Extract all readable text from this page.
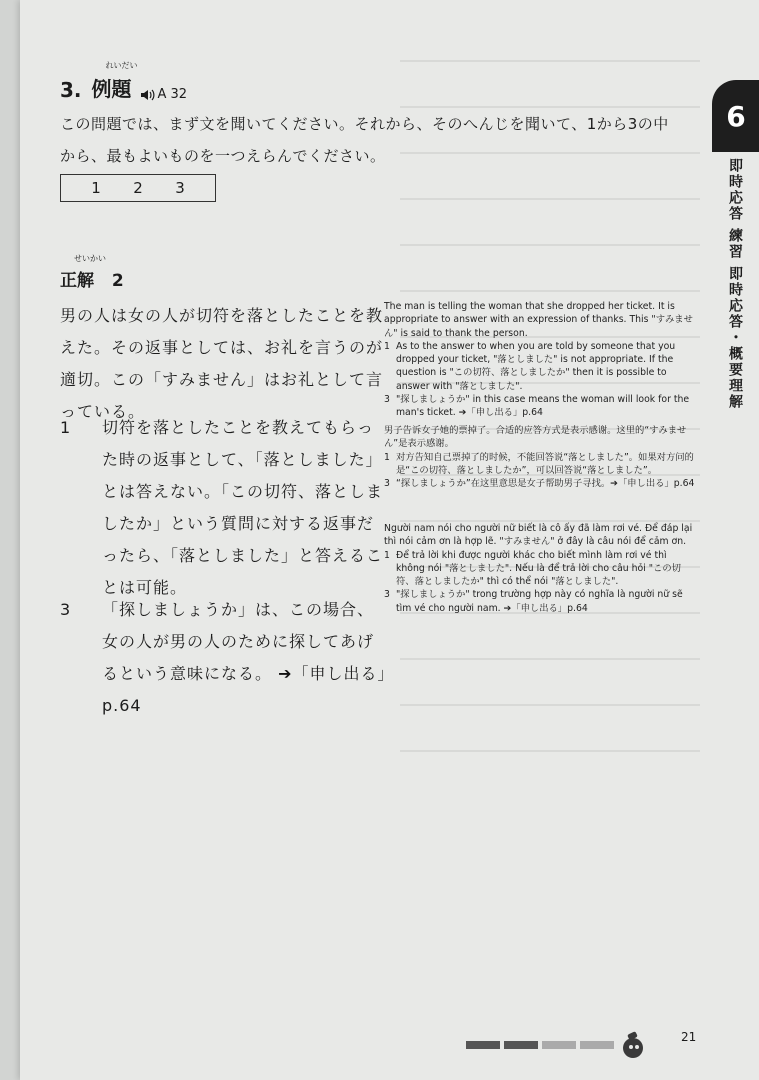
3.
れいだい
例題 A 32
この問題では、まず文を聞いてください。それから、そのへんじを聞いて、1から3の中から、最もよいものを一つえらんでください。
1 2 3
せいかい
正解 2
男の人は女の人が切符を落としたことを教えた。その返事としては、お礼を言うのが適切。この「すみません」はお礼として言っている。
1	切符を落としたことを教えてもらった時の返事として、「落としました」とは答えない。「この切符、落としましたか」という質問に対する返事だったら、「落としました」と答えることは可能。
3	「探しましょうか」は、この場合、女の人が男の人のために探してあげるという意味になる。 ➔「申し出る」p.64

The man is telling the woman that she dropped her ticket. It is appropriate to answer with an expression of thanks. This "すみません" is said to thank the person.

1 As to the answer to when you are told by someone that you dropped your ticket, "落としました" is not appropriate. If the question is "この切符、落としましたか" then it is possible to answer with "落としました".
3 "探しましょうか" in this case means the woman will look for the man's ticket. ➔「申し出る」p.64

男子告诉女子她的票掉了。合适的应答方式是表示感谢。这里的“すみません”是表示感谢。

1 对方告知自己票掉了的时候，不能回答说“落としました”。如果对方问的是“この切符、落としましたか”，可以回答说“落としました”。
3 “探しましょうか”在这里意思是女子帮助男子寻找。➔「申し出る」p.64

Người nam nói cho người nữ biết là cô ấy đã làm rơi vé. Để đáp lại thì nói cảm ơn là hợp lẽ. "すみません" ở đây là câu nói để cảm ơn.

1 Để trả lời khi được người khác cho biết mình làm rơi vé thì không nói "落としました". Nếu là để trả lời cho câu hỏi "この切符、落としましたか" thì có thể nói "落としました".
3 "探しましょうか" trong trường hợp này có nghĩa là người nữ sẽ tìm vé cho người nam. ➔「申し出る」p.64
6
即時応答
練習
即時応答・概要理解
21
